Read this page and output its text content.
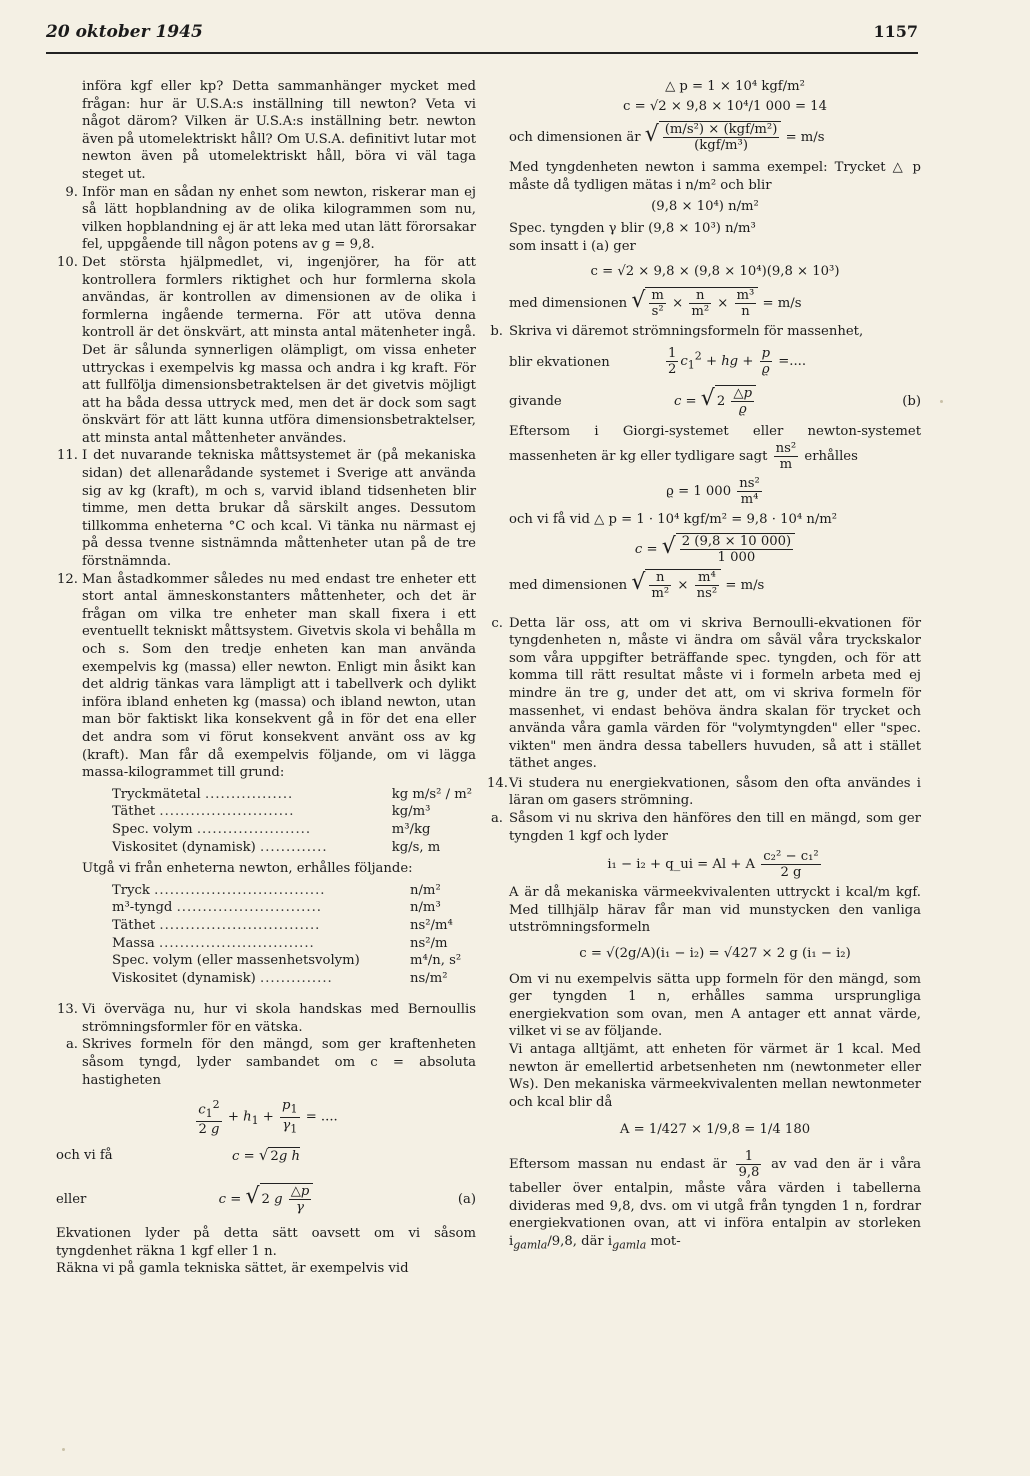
20 oktober 1945	1157

införa kgf eller kp? Detta sammanhänger mycket med frågan: hur är U.S.A:s inställning till newton? Veta vi något därom? Vilken är U.S.A:s inställning betr. newton även på utomelektriskt håll? Om U.S.A. definitivt lutar mot newton även på utomelektriskt håll, böra vi väl taga steget ut.

9. Inför man en sådan ny enhet som newton, riskerar man ej så lätt hopblandning av de olika kilogrammen som nu, vilken hopblandning ej är att leka med utan lätt förorsakar fel, uppgående till någon potens av g = 9,8.

10. Det största hjälpmedlet, vi, ingenjörer, ha för att kontrollera formlers riktighet och hur formlerna skola användas, är kontrollen av dimensionen av de olika i formlerna ingående termerna. För att utöva denna kontroll är det önskvärt, att minsta antal mätenheter ingå. Det är sålunda synnerligen olämpligt, om vissa enheter uttryckas i exempelvis kg massa och andra i kg kraft. För att fullfölja dimensionsbetraktelsen är det givetvis möjligt att ha båda dessa uttryck med, men det är dock som sagt önskvärt för att lätt kunna utföra dimensionsbetraktelser, att minsta antal måttenheter användes.

11. I det nuvarande tekniska måttsystemet är (på mekaniska sidan) det allenarådande systemet i Sverige att använda sig av kg (kraft), m och s, varvid ibland tidsenheten blir timme, men detta brukar då särskilt anges. Dessutom tillkomma enheterna °C och kcal. Vi tänka nu närmast ej på dessa tvenne sistnämnda måttenheter utan på de tre förstnämnda.

12. Man åstadkommer således nu med endast tre enheter ett stort antal ämneskonstanters måttenheter, och det är frågan om vilka tre enheter man skall fixera i ett eventuellt tekniskt måttsystem. Givetvis skola vi behålla m och s. Som den tredje enheten kan man använda exempelvis kg (massa) eller newton. Enligt min åsikt kan det aldrig tänkas vara lämpligt att i tabellverk och dylikt införa ibland enheten kg (massa) och ibland newton, utan man bör faktiskt lika konsekvent gå in för det ena eller det andra som vi förut konsekvent använt oss av kg (kraft). Man får då exempelvis följande, om vi lägga massa-kilogrammet till grund:

Tryckmätetal .................	kg m/s² / m²
Täthet ..........................	kg/m³
Spec. volym ......................	m³/kg
Viskositet (dynamisk) .............	kg/s, m

Utgå vi från enheterna newton, erhålles följande:

Tryck .................................	n/m²
m³-tyngd ............................	n/m³
Täthet ...............................	ns²/m⁴
Massa ..............................	ns²/m
Spec. volym (eller massenhetsvolym)	m⁴/n, s²
Viskositet (dynamisk) ..............	ns/m²
13. Vi överväga nu, hur vi skola handskas med Bernoullis strömningsformler för en vätska.

a. Skrives formeln för den mängd, som ger kraftenheten såsom tyngd, lyder sambandet om c = absoluta hastigheten

$\frac{c_1^2}{2 g} + h_1 + \frac{p_1}{\gamma_1}$ = ....
och vi få	c = √ 2g h
eller	c = √ 2 g $\frac{\triangle p}{\gamma}$	(a)

Ekvationen lyder på detta sätt oavsett om vi såsom tyngdenhet räkna 1 kgf eller 1 n.

Räkna vi på gamla tekniska sättet, är exempelvis vid

△ p = 1 × 10⁴ kgf/m²
c = √2 × 9,8 × 10⁴/1 000 = 14
och dimensionen är √ $\frac{\text{(m/s²) × (kgf/m²)}}{\text{(kgf/m³)}} = m/s$

Med tyngdenheten newton i samma exempel: Trycket △ p måste då tydligen mätas i n/m² och blir

(9,8 × 10⁴) n/m²

Spec. tyngden γ blir (9,8 × 10³) n/m³

som insatt i (a) ger

c = √2 × 9,8 × (9,8 × 10⁴)(9,8 × 10³)
med dimensionen √ $\frac{m}{\text{s²}} \times \frac{n}{\text{m²}} \times \frac{\text{m³}}{n} = m/s$
b. Skriva vi däremot strömningsformeln för massenhet,

blir ekvationen	$\frac{1}{2} c_1^2$ + hg + $\frac{p}{ϱ}$ =....
givande	c = √ $2 \frac{\triangle p}{ϱ}$	(b)

Eftersom i Giorgi-systemet eller newton-systemet massenheten är kg eller tydligare sagt $\frac{\text{ns²}}{m}$ erhålles

ϱ = 1 $000 \frac{\text{ns²}}{\text{m⁴}}$

och vi få vid △ p = 1 · 10⁴ kgf/m² = 9,8 · 10⁴ n/m²

c = √ $\frac{2 (9,8 \times 10 000)}{1 000}$
med dimensionen √ $\frac{n}{\text{m²}} \times \frac{\text{m⁴}}{\text{ns²}} = m/s$
c. Detta lär oss, att om vi skriva Bernoulli-ekvationen för tyngdenheten n, måste vi ändra om såväl våra tryckskalor som våra uppgifter beträffande spec. tyngden, och för att komma till rätt resultat måste vi i formeln arbeta med ej mindre än tre g, under det att, om vi skriva formeln för massenhet, vi endast behöva ändra skalan för trycket och använda våra gamla värden för "volymtyngden" eller "spec. vikten" men ändra dessa tabellers huvuden, så att i stället täthet anges.

14. Vi studera nu energiekvationen, såsom den ofta användes i läran om gasers strömning.

a. Såsom vi nu skriva den hänföres den till en mängd, som ger tyngden 1 kgf och lyder

i₁ − i₂ + q_ui = Al + A $\frac{\text{c₂² − c₁²}}{2 g}$

A är då mekaniska värmeekvivalenten uttryckt i kcal/m kgf. Med tillhjälp härav får man vid munstycken den vanliga utströmningsformeln

c = √(2g/A)(i₁ − i₂) = √427 × 2 g (i₁ − i₂)

Om vi nu exempelvis sätta upp formeln för den mängd, som ger tyngden 1 n, erhålles samma ursprungliga energiekvation som ovan, men A antager ett annat värde, vilket vi se av följande.

Vi antaga alltjämt, att enheten för värmet är 1 kcal. Med newton är emellertid arbetsenheten nm (newtonmeter eller Ws). Den mekaniska värmeekvivalenten mellan newtonmeter och kcal blir då

A = 1/427 × 1/9,8 = 1/4 180

Eftersom massan nu endast är $\frac{1}{9,8}$ av vad den är i våra tabeller över entalpin, måste våra värden i tabellerna divideras med 9,8, dvs. om vi utgå från tyngden 1 n, fordrar energiekvationen ovan, att vi införa entalpin av storleken $i_{gamla}/9,8$, där $i_{gamla}$ mot-
